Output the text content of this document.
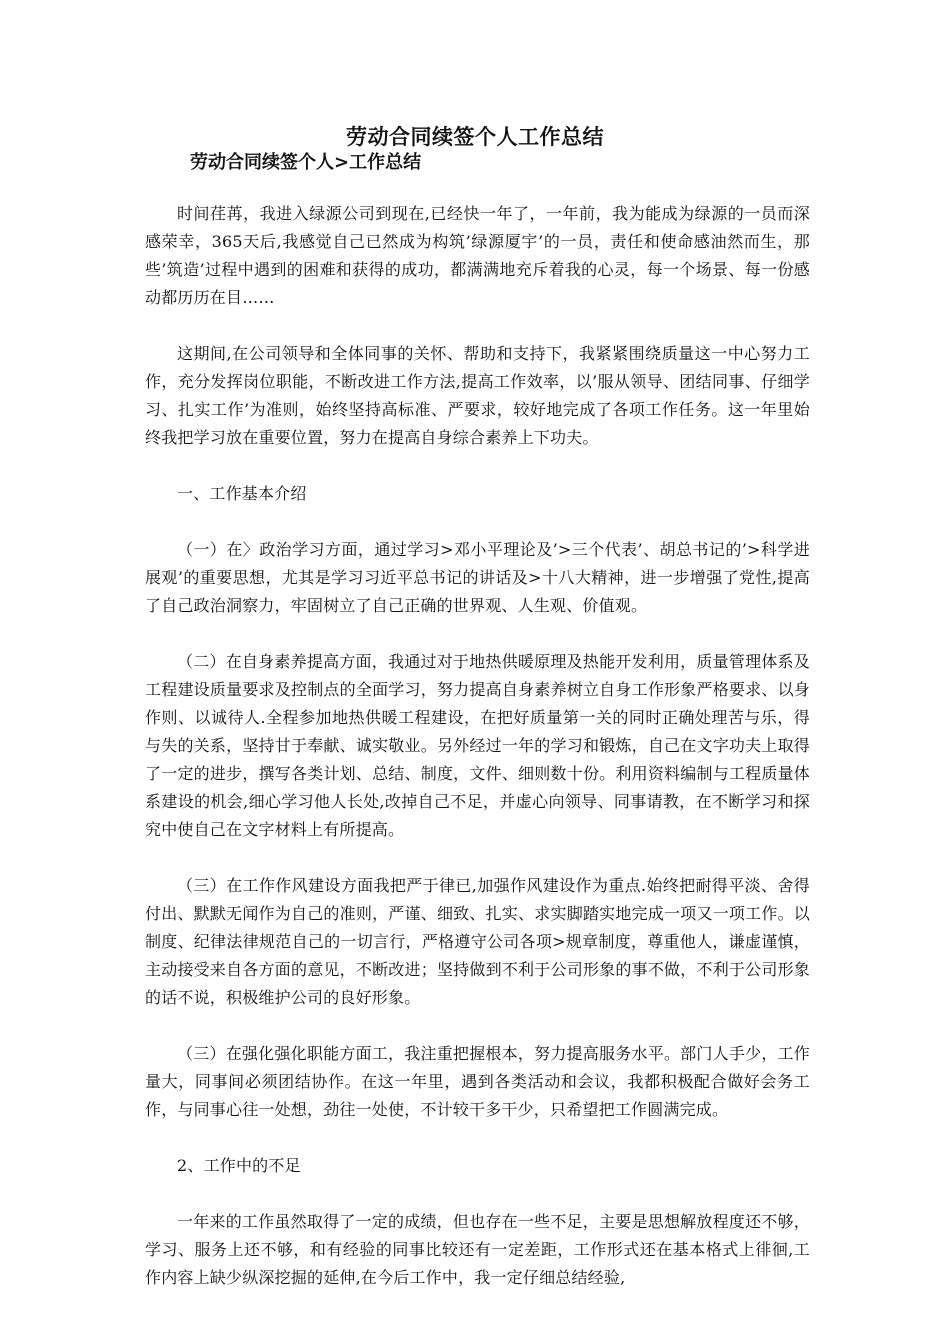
劳动合同续签个人工作总结
劳动合同续签个人>工作总结

时间荏苒，我进入绿源公司到现在,已经快一年了，一年前，我为能成为绿源的一员而深感荣幸，365天后,我感觉自己已然成为构筑’绿源厦宇’的一员，责任和使命感油然而生，那些’筑造’过程中遇到的困难和获得的成功，都满满地充斥着我的心灵，每一个场景、每一份感动都历历在目……

这期间,在公司领导和全体同事的关怀、帮助和支持下，我紧紧围绕质量这一中心努力工作，充分发挥岗位职能，不断改进工作方法,提高工作效率，以’服从领导、团结同事、仔细学习、扎实工作’为准则，始终坚持高标准、严要求，较好地完成了各项工作任务。这一年里始终我把学习放在重要位置，努力在提高自身综合素养上下功夫。

一、工作基本介绍

（一）在〉政治学习方面，通过学习>邓小平理论及’>三个代表’、胡总书记的’>科学进展观’的重要思想，尤其是学习习近平总书记的讲话及>十八大精神，进一步增强了党性,提高了自己政治洞察力，牢固树立了自己正确的世界观、人生观、价值观。

（二）在自身素养提高方面，我通过对于地热供暖原理及热能开发利用，质量管理体系及工程建设质量要求及控制点的全面学习，努力提高自身素养树立自身工作形象严格要求、以身作则、以诚待人.全程参加地热供暖工程建设，在把好质量第一关的同时正确处理苦与乐，得与失的关系，坚持甘于奉献、诚实敬业。另外经过一年的学习和锻炼，自己在文字功夫上取得了一定的进步，撰写各类计划、总结、制度，文件、细则数十份。利用资料编制与工程质量体系建设的机会,细心学习他人长处,改掉自己不足，并虚心向领导、同事请教，在不断学习和探究中使自己在文字材料上有所提高。

（三）在工作作风建设方面我把严于律已,加强作风建设作为重点.始终把耐得平淡、舍得付出、默默无闻作为自己的准则，严谨、细致、扎实、求实脚踏实地完成一项又一项工作。以制度、纪律法律规范自己的一切言行，严格遵守公司各项>规章制度，尊重他人，谦虚谨慎，主动接受来自各方面的意见，不断改进；坚持做到不利于公司形象的事不做，不利于公司形象的话不说，积极维护公司的良好形象。

（三）在强化强化职能方面工，我注重把握根本，努力提高服务水平。部门人手少，工作量大，同事间必须团结协作。在这一年里，遇到各类活动和会议，我都积极配合做好会务工作，与同事心往一处想，劲往一处使，不计较干多干少，只希望把工作圆满完成。

2、工作中的不足

一年来的工作虽然取得了一定的成绩，但也存在一些不足，主要是思想解放程度还不够，学习、服务上还不够，和有经验的同事比较还有一定差距，工作形式还在基本格式上徘徊,工作内容上缺少纵深挖掘的延伸,在今后工作中，我一定仔细总结经验,
